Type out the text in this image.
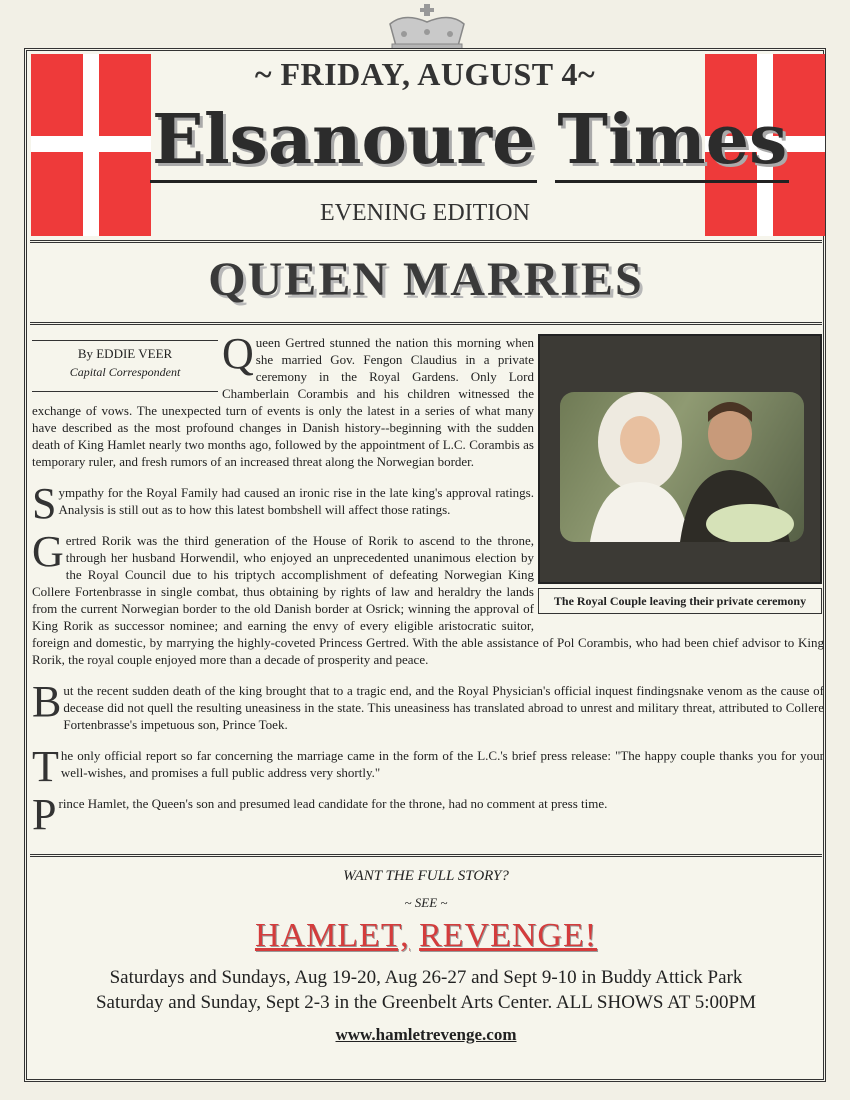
~ FRIDAY, AUGUST 4~
Elsanoure Times
EVENING EDITION
QUEEN MARRIES

Queen Gertred stunned the nation this morning when she married Gov. Fengon Claudius in a private ceremony in the Royal Gardens. Only Lord Chamberlain Corambis and his children witnessed the exchange of vows. The unexpected turn of events is only the latest in a series of what many have described as the most profound changes in Danish history--beginning with the sudden death of King Hamlet nearly two months ago, followed by the appointment of L.C. Corambis as temporary ruler, and fresh rumors of an increased threat along the Norwegian border.

Sympathy for the Royal Family had caused an ironic rise in the late king's approval ratings. Analysis is still out as to how this latest bombshell will affect those ratings.

Gertred Rorik was the third generation of the House of Rorik to ascend to the throne, through her husband Horwendil, who enjoyed an unprecedented unanimous election by the Royal Council due to his triptych accomplishment of defeating Norwegian King Collere Fortenbrasse in single combat, thus obtaining by rights of law and heraldry the lands from the current Norwegian border to the old Danish border at Osrick; winning the approval of King Rorik as successor nominee; and earning the envy of every eligible aristocratic suitor, foreign and domestic, by marrying the highly-coveted Princess Gertred. With the able assistance of Pol Corambis, who had been chief advisor to King Rorik, the royal couple enjoyed more than a decade of prosperity and peace.

But the recent sudden death of the king brought that to a tragic end, and the Royal Physician's official inquest findingsnake venom as the cause of decease did not quell the resulting uneasiness in the state. This uneasiness has translated abroad to unrest and military threat, attributed to Collere Fortenbrasse's impetuous son, Prince Toek.

The only official report so far concerning the marriage came in the form of the L.C.'s brief press release: "The happy couple thanks you for your well-wishes, and promises a full public address very shortly."

Prince Hamlet, the Queen's son and presumed lead candidate for the throne, had no comment at press time.

By EDDIE VEER
Capital Correspondent
The Royal Couple leaving their private ceremony
WANT THE FULL STORY?
~ SEE ~
HAMLET, REVENGE!
Saturdays and Sundays, Aug 19-20, Aug 26-27 and Sept 9-10 in Buddy Attick Park
Saturday and Sunday, Sept 2-3 in the Greenbelt Arts Center. ALL SHOWS AT 5:00PM
www.hamletrevenge.com
